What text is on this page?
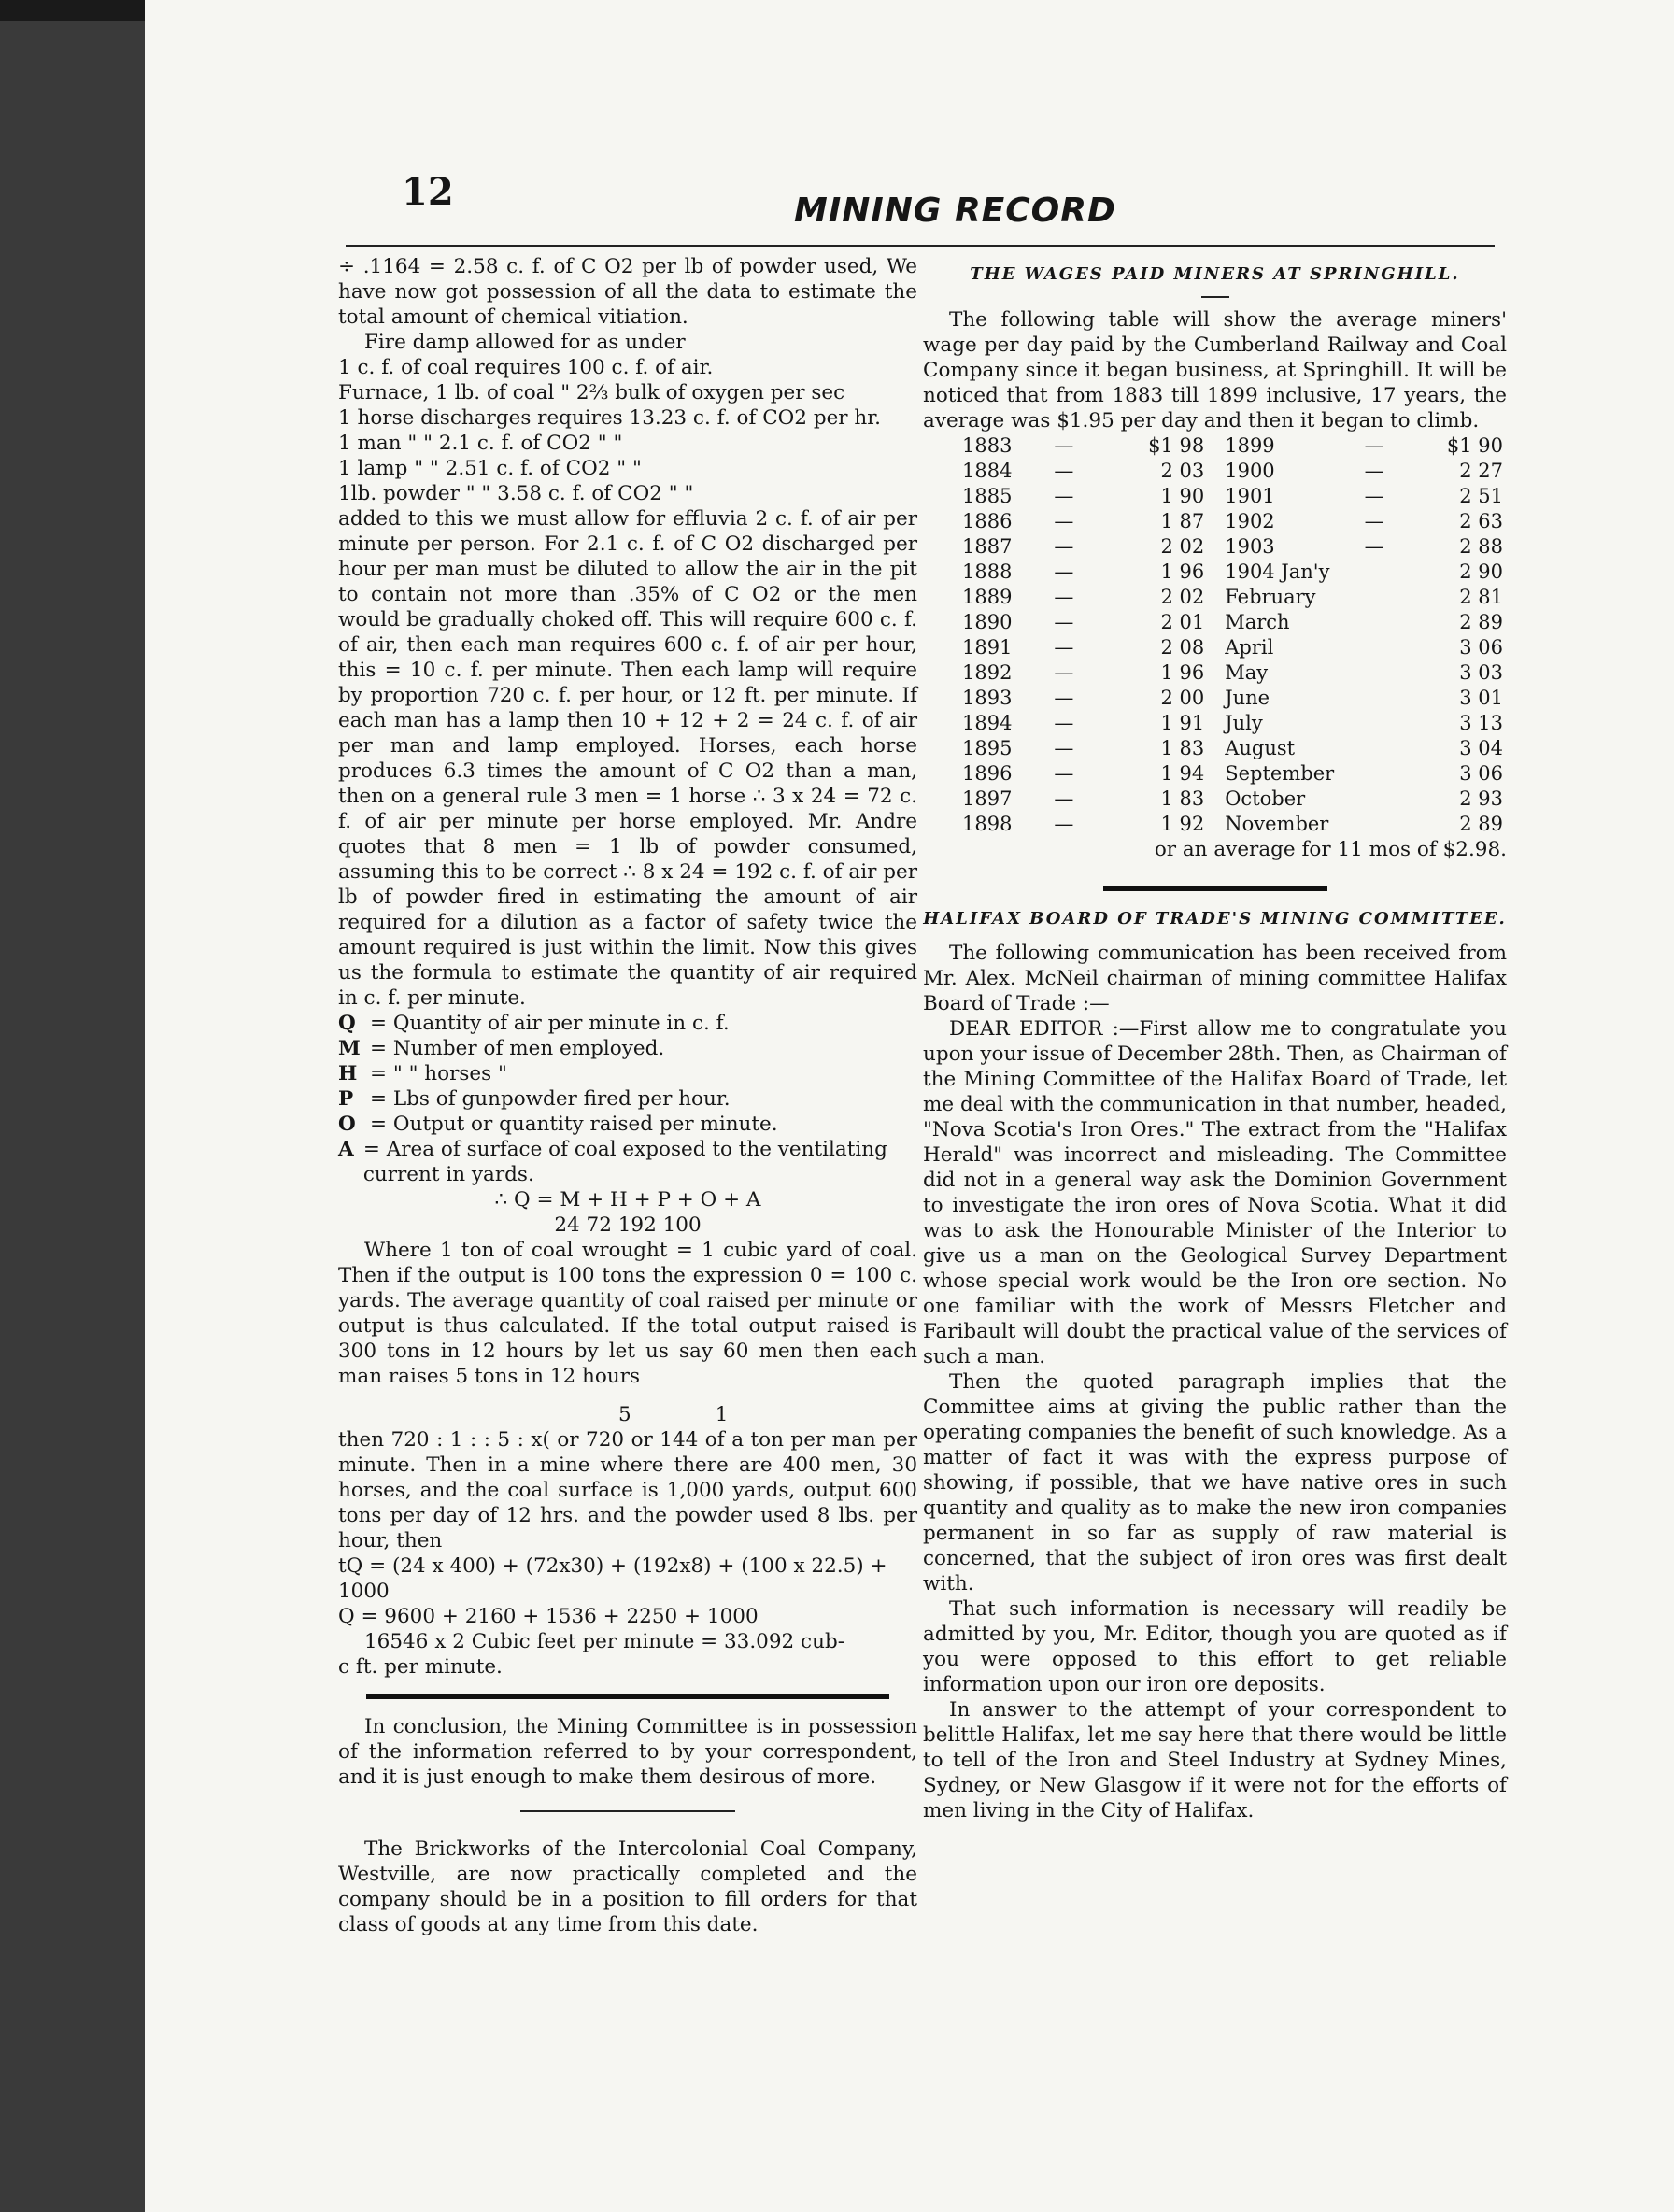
12	MINING RECORD

÷ .1164 = 2.58 c. f. of C O2 per lb of powder used, We have now got possession of all the data to estimate the total amount of chemical vitiation.

Fire damp allowed for as under

1 c. f. of coal requires 100 c. f. of air.
Furnace, 1 lb. of coal " 2⅔ bulk of oxygen per sec
1 horse discharges requires 13.23 c. f. of CO2 per hr.
1 man " " 2.1 c. f. of CO2 " "
1 lamp " " 2.51 c. f. of CO2 " "
1lb. powder " " 3.58 c. f. of CO2 " "

added to this we must allow for effluvia 2 c. f. of air per minute per person. For 2.1 c. f. of C O2 discharged per hour per man must be diluted to allow the air in the pit to contain not more than .35% of C O2 or the men would be gradually choked off. This will require 600 c. f. of air, then each man requires 600 c. f. of air per hour, this = 10 c. f. per minute. Then each lamp will require by proportion 720 c. f. per hour, or 12 ft. per minute. If each man has a lamp then 10 + 12 + 2 = 24 c. f. of air per man and lamp employed. Horses, each horse produces 6.3 times the amount of C O2 than a man, then on a general rule 3 men = 1 horse ∴ 3 x 24 = 72 c. f. of air per minute per horse employed. Mr. Andre quotes that 8 men = 1 lb of powder consumed, assuming this to be correct ∴ 8 x 24 = 192 c. f. of air per lb of powder fired in estimating the amount of air required for a dilution as a factor of safety twice the amount required is just within the limit. Now this gives us the formula to estimate the quantity of air required in c. f. per minute.

Q = Quantity of air per minute in c. f.
M = Number of men employed.
H = " " horses "
P = Lbs of gunpowder fired per hour.
O = Output or quantity raised per minute.
A = Area of surface of coal exposed to the ventilating current in yards.
∴ Q = M + H + P + O + A
24 72 192 100

Where 1 ton of coal wrought = 1 cubic yard of coal. Then if the output is 100 tons the expression 0 = 100 c. yards. The average quantity of coal raised per minute or output is thus calculated. If the total output raised is 300 tons in 12 hours by let us say 60 men then each man raises 5 tons in 12 hours

5	1

then 720 : 1 : : 5 : x( or 720 or 144 of a ton per man per minute. Then in a mine where there are 400 men, 30 horses, and the coal surface is 1,000 yards, output 600 tons per day of 12 hrs. and the powder used 8 lbs. per hour, then

tQ = (24 x 400) + (72x30) + (192x8) + (100 x 22.5) + 1000
Q = 9600 + 2160 + 1536 + 2250 + 1000
16546 x 2 Cubic feet per minute = 33.092 cub-
c ft. per minute.

In conclusion, the Mining Committee is in possession of the information referred to by your correspondent, and it is just enough to make them desirous of more.

The Brickworks of the Intercolonial Coal Company, Westville, are now practically completed and the company should be in a position to fill orders for that class of goods at any time from this date.

THE WAGES PAID MINERS AT SPRINGHILL.

The following table will show the average miners' wage per day paid by the Cumberland Railway and Coal Company since it began business, at Springhill. It will be noticed that from 1883 till 1899 inclusive, 17 years, the average was $1.95 per day and then it began to climb.

1883	—	$1 98	1899	—	$1 90
1884	—	2 03	1900	—	2 27
1885	—	1 90	1901	—	2 51
1886	—	1 87	1902	—	2 63
1887	—	2 02	1903	—	2 88
1888	—	1 96	1904 Jan'y		2 90
1889	—	2 02	February		2 81
1890	—	2 01	March		2 89
1891	—	2 08	April		3 06
1892	—	1 96	May		3 03
1893	—	2 00	June		3 01
1894	—	1 91	July		3 13
1895	—	1 83	August		3 04
1896	—	1 94	September		3 06
1897	—	1 83	October		2 93
1898	—	1 92	November		2 89
or an average for 11 mos of $2.98.
HALIFAX BOARD OF TRADE'S MINING COMMITTEE.

The following communication has been received from Mr. Alex. McNeil chairman of mining committee Halifax Board of Trade :—

DEAR EDITOR :—First allow me to congratulate you upon your issue of December 28th. Then, as Chairman of the Mining Committee of the Halifax Board of Trade, let me deal with the communication in that number, headed, "Nova Scotia's Iron Ores." The extract from the "Halifax Herald" was incorrect and misleading. The Committee did not in a general way ask the Dominion Government to investigate the iron ores of Nova Scotia. What it did was to ask the Honourable Minister of the Interior to give us a man on the Geological Survey Department whose special work would be the Iron ore section. No one familiar with the work of Messrs Fletcher and Faribault will doubt the practical value of the services of such a man.

Then the quoted paragraph implies that the Committee aims at giving the public rather than the operating companies the benefit of such knowledge. As a matter of fact it was with the express purpose of showing, if possible, that we have native ores in such quantity and quality as to make the new iron companies permanent in so far as supply of raw material is concerned, that the subject of iron ores was first dealt with.

That such information is necessary will readily be admitted by you, Mr. Editor, though you are quoted as if you were opposed to this effort to get reliable information upon our iron ore deposits.

In answer to the attempt of your correspondent to belittle Halifax, let me say here that there would be little to tell of the Iron and Steel Industry at Sydney Mines, Sydney, or New Glasgow if it were not for the efforts of men living in the City of Halifax.
